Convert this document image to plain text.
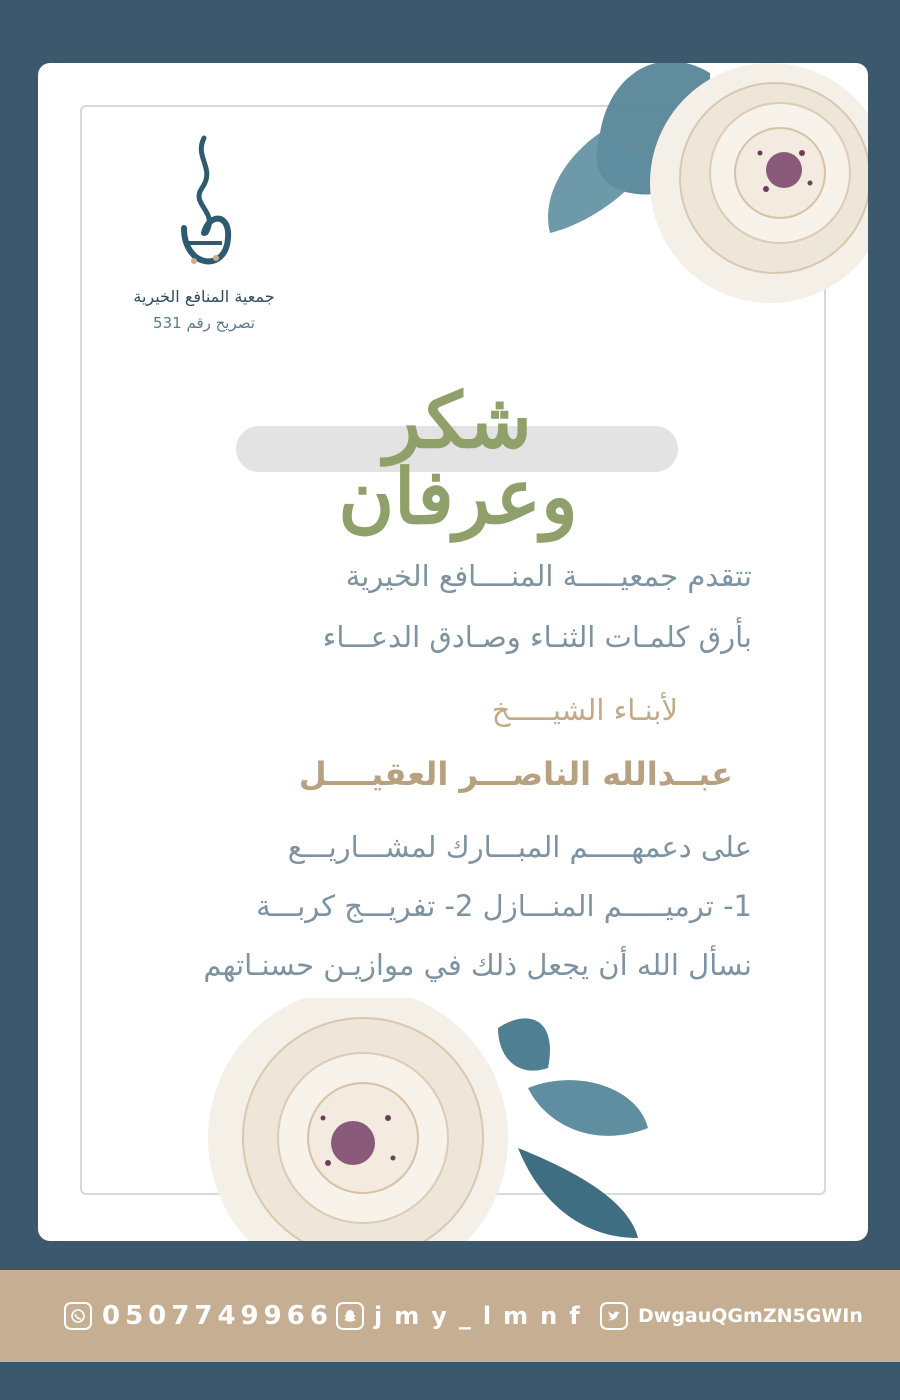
جمعية المنافع الخيرية
تصريح رقم 531
شكر وعرفان
تتقدم جمعيـــــة المنــــافع الخيرية
بأرق كلمـات الثنـاء وصـادق الدعـــاء
لأبنـاء الشيـــــخ
عبــدالله الناصـــر العقيــــل
على دعمهـــــم المبـــارك لمشـــاريـــع
1- ترميـــــم المنـــازل 2- تفريـــج كربـــة
نسأل الله أن يجعل ذلك في موازيـن حسنـاتهم
0507749966 jmy_lmnf DwgauQGmZN5GWIn
